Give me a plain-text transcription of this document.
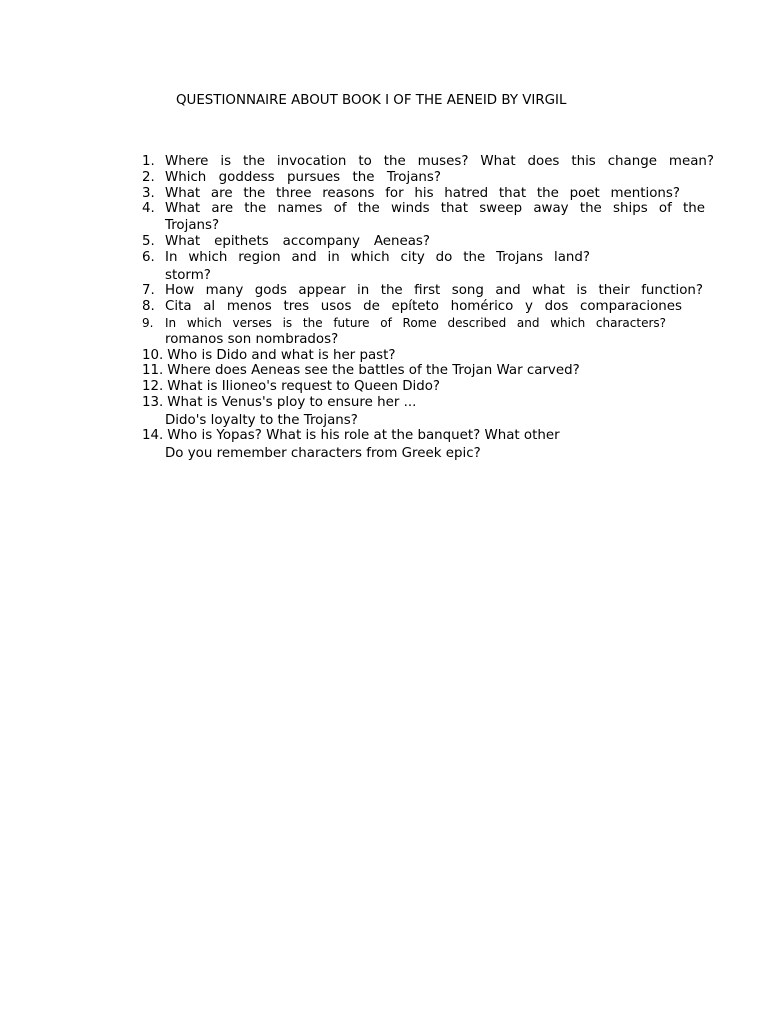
QUESTIONNAIRE ABOUT BOOK I OF THE AENEID BY VIRGIL
1. Where is the invocation to the muses? What does this change mean?
2. Which goddess pursues the Trojans?
3. What are the three reasons for his hatred that the poet mentions?
4. What are the names of the winds that sweep away the ships of the
Trojans?
5. What epithets accompany Aeneas?
6. In which region and in which city do the Trojans land?
storm?
7. How many gods appear in the first song and what is their function?
8. Cita al menos tres usos de epíteto homérico y dos comparaciones
9. In which verses is the future of Rome described and which characters?
romanos son nombrados?
10. Who is Dido and what is her past?
11. Where does Aeneas see the battles of the Trojan War carved?
12. What is Ilioneo's request to Queen Dido?
13. What is Venus's ploy to ensure her ...
Dido's loyalty to the Trojans?
14. Who is Yopas? What is his role at the banquet? What other
Do you remember characters from Greek epic?
